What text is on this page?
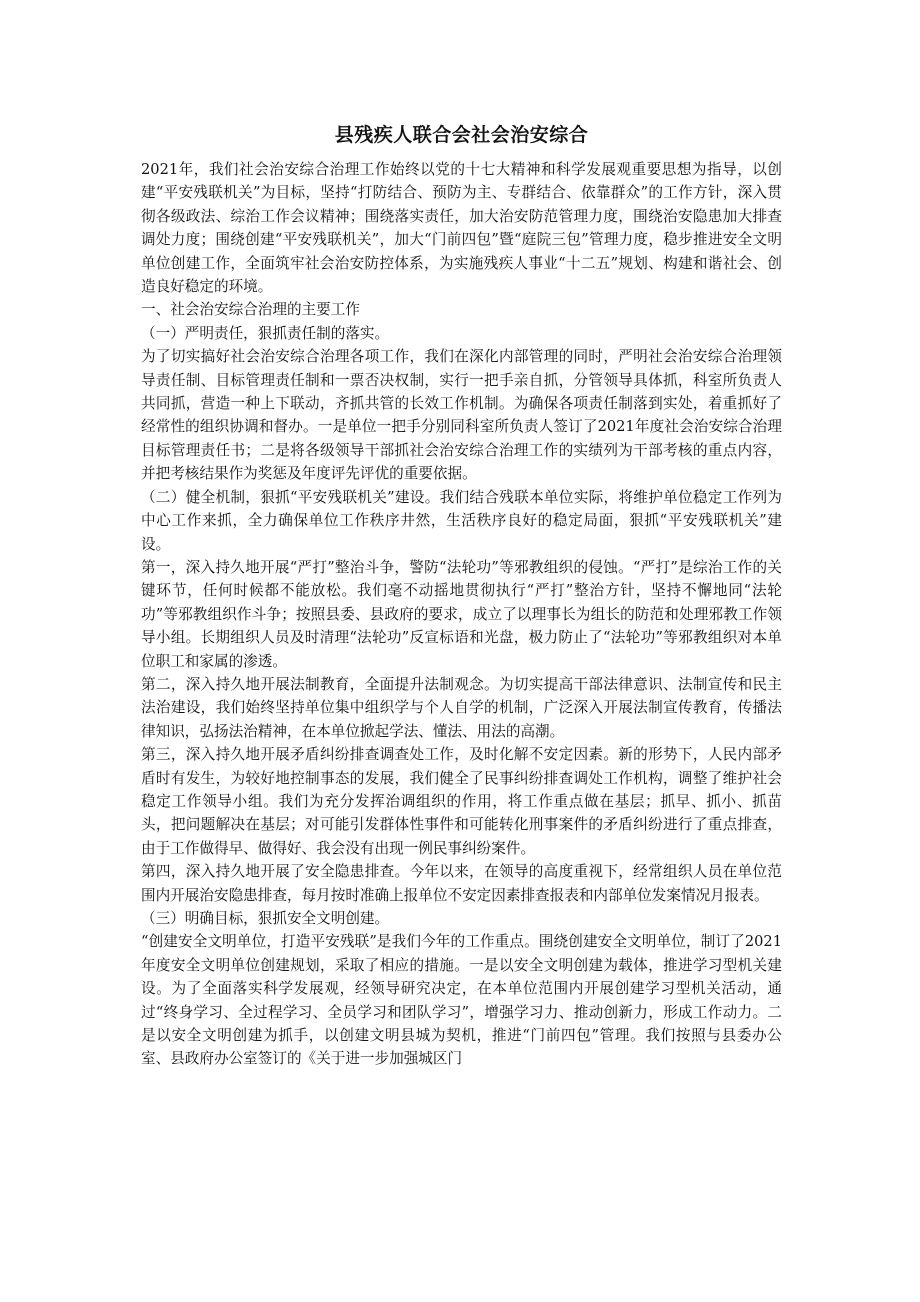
县残疾人联合会社会治安综合

2021年，我们社会治安综合治理工作始终以党的十七大精神和科学发展观重要思想为指导，以创建“平安残联机关”为目标，坚持“打防结合、预防为主、专群结合、依靠群众”的工作方针，深入贯彻各级政法、综治工作会议精神；围绕落实责任，加大治安防范管理力度，围绕治安隐患加大排查调处力度；围绕创建“平安残联机关”，加大“门前四包”暨“庭院三包”管理力度，稳步推进安全文明单位创建工作，全面筑牢社会治安防控体系，为实施残疾人事业“十二五”规划、构建和谐社会、创造良好稳定的环境。

一、社会治安综合治理的主要工作

（一）严明责任，狠抓责任制的落实。

为了切实搞好社会治安综合治理各项工作，我们在深化内部管理的同时，严明社会治安综合治理领导责任制、目标管理责任制和一票否决权制，实行一把手亲自抓，分管领导具体抓，科室所负责人共同抓，营造一种上下联动，齐抓共管的长效工作机制。为确保各项责任制落到实处，着重抓好了经常性的组织协调和督办。一是单位一把手分别同科室所负责人签订了2021年度社会治安综合治理目标管理责任书；二是将各级领导干部抓社会治安综合治理工作的实绩列为干部考核的重点内容，并把考核结果作为奖惩及年度评先评优的重要依据。

（二）健全机制，狠抓“平安残联机关”建设。我们结合残联本单位实际，将维护单位稳定工作列为中心工作来抓，全力确保单位工作秩序井然，生活秩序良好的稳定局面，狠抓“平安残联机关”建设。

第一，深入持久地开展“严打”整治斗争，警防“法轮功”等邪教组织的侵蚀。“严打”是综治工作的关键环节，任何时候都不能放松。我们毫不动摇地贯彻执行“严打”整治方针，坚持不懈地同“法轮功”等邪教组织作斗争；按照县委、县政府的要求，成立了以理事长为组长的防范和处理邪教工作领导小组。长期组织人员及时清理“法轮功”反宣标语和光盘，极力防止了“法轮功”等邪教组织对本单位职工和家属的渗透。

第二，深入持久地开展法制教育，全面提升法制观念。为切实提高干部法律意识、法制宣传和民主法治建设，我们始终坚持单位集中组织学与个人自学的机制，广泛深入开展法制宣传教育，传播法律知识，弘扬法治精神，在本单位掀起学法、懂法、用法的高潮。

第三，深入持久地开展矛盾纠纷排查调查处工作，及时化解不安定因素。新的形势下，人民内部矛盾时有发生，为较好地控制事态的发展，我们健全了民事纠纷排查调处工作机构，调整了维护社会稳定工作领导小组。我们为充分发挥治调组织的作用，将工作重点做在基层；抓早、抓小、抓苗头，把问题解决在基层；对可能引发群体性事件和可能转化刑事案件的矛盾纠纷进行了重点排查，由于工作做得早、做得好、我会没有出现一例民事纠纷案件。

第四，深入持久地开展了安全隐患排查。今年以来，在领导的高度重视下，经常组织人员在单位范围内开展治安隐患排查，每月按时准确上报单位不安定因素排查报表和内部单位发案情况月报表。

（三）明确目标，狠抓安全文明创建。

“创建安全文明单位，打造平安残联”是我们今年的工作重点。围绕创建安全文明单位，制订了2021年度安全文明单位创建规划，采取了相应的措施。一是以安全文明创建为载体，推进学习型机关建设。为了全面落实科学发展观，经领导研究决定，在本单位范围内开展创建学习型机关活动，通过“终身学习、全过程学习、全员学习和团队学习”，增强学习力、推动创新力，形成工作动力。二是以安全文明创建为抓手，以创建文明县城为契机，推进“门前四包”管理。我们按照与县委办公室、县政府办公室签订的《关于进一步加强城区门
